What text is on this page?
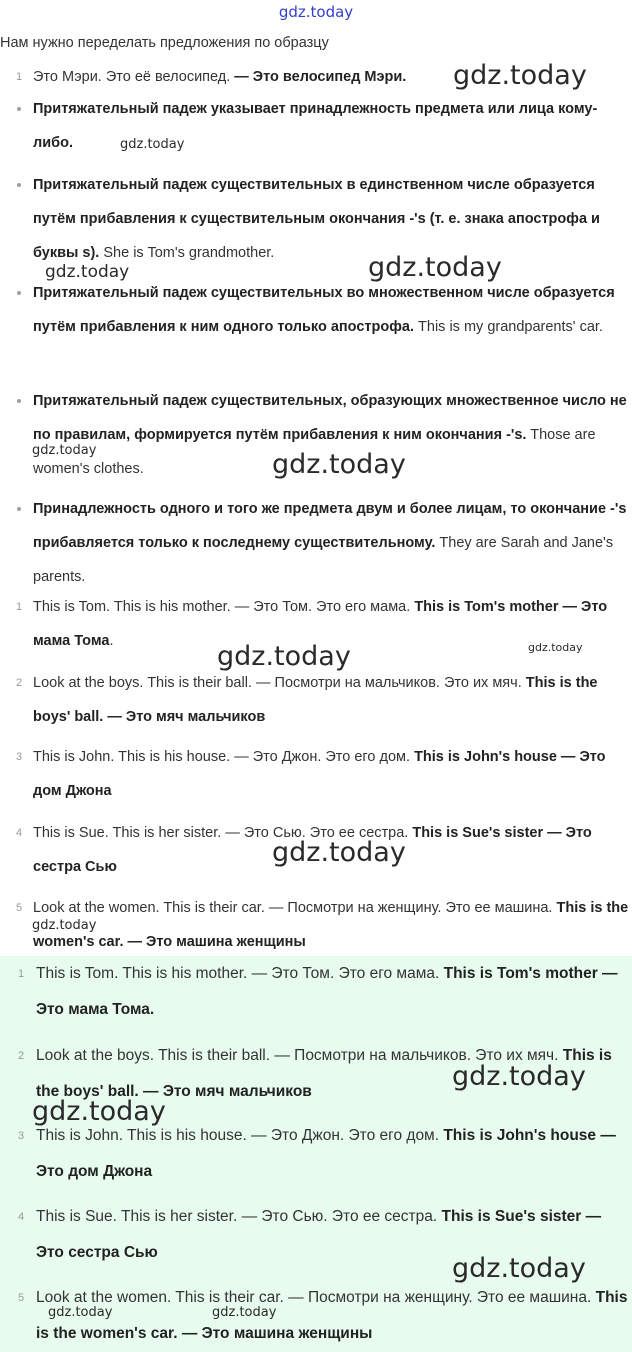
gdz.today
Нам нужно переделать предложения по образцу
1 Это Мэри. Это её велосипед. — Это велосипед Мэри.
Притяжательный падеж указывает принадлежность предмета или лица кому-либо.
Притяжательный падеж существительных в единственном числе образуется путём прибавления к существительным окончания -'s (т. е. знака апострофа и буквы s). She is Tom's grandmother.
Притяжательный падеж существительных во множественном числе образуется путём прибавления к ним одного только апострофа. This is my grandparents' car.
Притяжательный падеж существительных, образующих множественное число не по правилам, формируется путём прибавления к ним окончания -'s. Those are women's clothes.
Принадлежность одного и того же предмета двум и более лицам, то окончание -'s прибавляется только к последнему существительному. They are Sarah and Jane's parents.
1 This is Tom. This is his mother. — Это Том. Это его мама. This is Tom's mother — Это мама Тома.
2 Look at the boys. This is their ball. — Посмотри на мальчиков. Это их мяч. This is the boys' ball. — Это мяч мальчиков
3 This is John. This is his house. — Это Джон. Это его дом. This is John's house — Это дом Джона
4 This is Sue. This is her sister. — Это Сью. Это ее сестра. This is Sue's sister — Это сестра Сью
5 Look at the women. This is their car. — Посмотри на женщину. Это ее машина. This is the women's car. — Это машина женщины
1 This is Tom. This is his mother. — Это Том. Это его мама. This is Tom's mother — Это мама Тома.
2 Look at the boys. This is their ball. — Посмотри на мальчиков. Это их мяч. This is the boys' ball. — Это мяч мальчиков
3 This is John. This is his house. — Это Джон. Это его дом. This is John's house — Это дом Джона
4 This is Sue. This is her sister. — Это Сью. Это ее сестра. This is Sue's sister — Это сестра Сью
5 Look at the women. This is their car. — Посмотри на женщину. Это ее машина. This is the women's car. — Это машина женщины
gdz.today
gdz.today
gdz.today	gdz.today
gdz.today	gdz.today
gdz.today	gdz.today
gdz.today
gdz.today
gdz.today
gdz.today
gdz.today
gdz.today	gdz.today
